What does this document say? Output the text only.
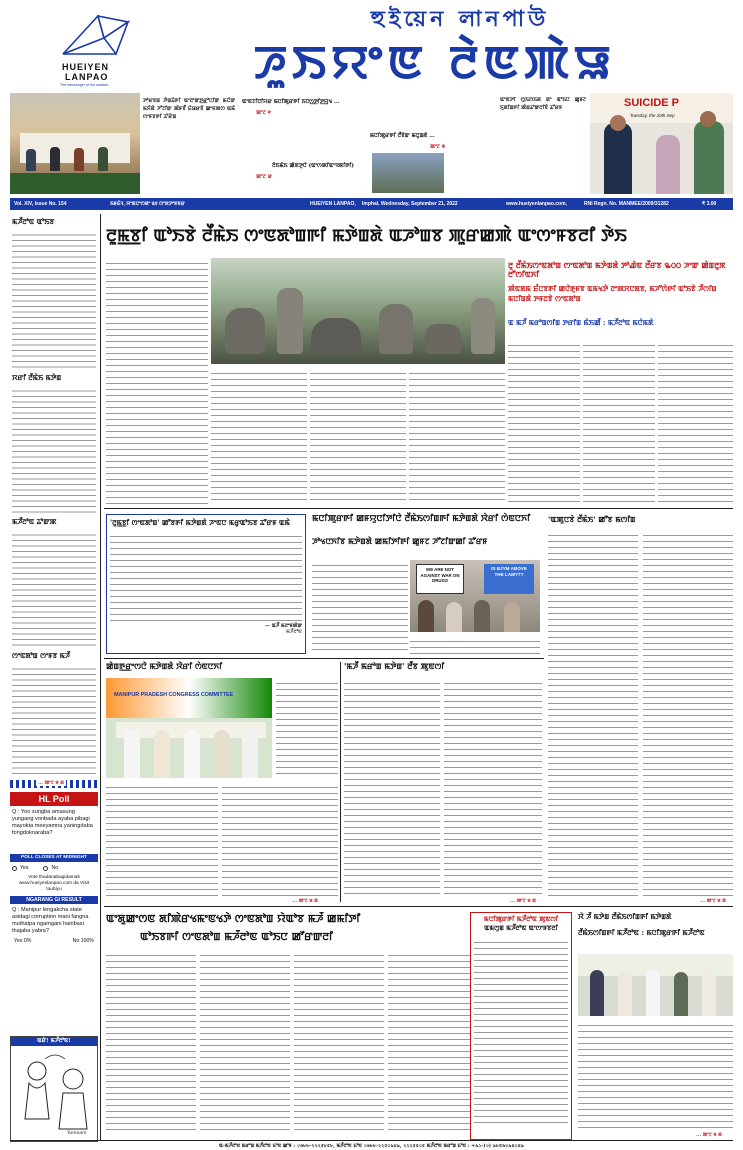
HUEIYEN
LANPAO
The messenger of the masses
হুইয়েন লানপাউ
ꯍꯨꯏꯌꯦꯟ ꯂꯥꯟꯄꯥꯎ
ꯇꯣꯔꯕꯡ ꯇꯥꯡꯊꯥꯒꯤ ꯑꯦꯂꯦꯛꯇ꯭ꯔꯣꯅꯤꯛ ꯃꯅꯥꯛ ꯃꯈꯥꯗꯥ ꯍꯧꯖꯤꯛ ꯄꯥꯝꯕꯩ ꯐꯥꯎꯔꯕꯥ ꯀꯦꯝꯄꯁ ꯑꯃꯥ ꯁꯦꯝꯕꯒꯤ ꯊꯧꯔꯥꯡ
ꯑꯦꯟꯖꯤꯅꯤꯌꯔ ꯃꯅꯤꯄꯨꯔꯒꯤ ꯏꯅꯁ꯭ꯇꯤꯇ꯭ꯌꯨꯠ ...
ꯄꯦꯖ ꯵
ꯃꯅꯤꯄꯨꯔꯒꯤ ꯂꯩꯕꯥꯛ ꯃꯅꯨꯡꯗꯥ ...
ꯄꯦꯖ ꯶
ꯂꯥꯏꯃꯥꯏ ꯀꯥꯞꯇꯨꯅꯥ (ꯑꯦꯁꯄꯤꯑꯦꯜꯄꯤꯒꯤ)
ꯄꯦꯖ ꯷
ꯑꯦꯟꯇꯤ ꯁꯨꯏꯁꯥꯏꯗ ꯗꯦ ꯑꯣꯏꯅꯥ ꯀꯨꯝꯖ ꯈꯨꯗꯤꯡꯒꯤ ꯄꯥꯡꯊꯣꯛꯂꯤꯕꯥ ꯊꯧꯔꯝ	SUICIDE P
Tuesday, the 20th Sep
Vol. XIV, Issue No. 154	ꯏꯝꯐꯥꯜ, ꯋꯦꯗꯅꯦꯁꯗꯦ ꯲꯱ ꯁꯦꯞꯇꯦꯝꯕꯔ	HUEIYEN LANPAO, Imphal, Wednesday, September 21, 2022	www.hueiyenlanpao.com,	RNI Regn. No. MANMEE/2009/31282	₹ 3.00
ꯃꯍꯩꯂꯣꯟ ꯑꯣꯏꯕ
ꯆꯔꯤ ꯂꯩꯃꯥꯏ ꯃꯇꯥꯡ
ꯃꯍꯩꯂꯣꯟ ꯊꯣꯛꯄ
ꯁꯦꯟꯗꯣꯡ ꯁꯦꯝꯕ ꯃꯍꯩ
... ꯄꯦꯖ ꯶ ꯗ
HL Poll
Q : Yoo sungba amasung yungang vonbada ayaba pibagi mayokta meeyamna yaningdaba fongdoknaraba?
POLL CLOSES AT MIDNIGHT
Yes	No
Vote thadanabagidamak www.hueiyenlanpao.com da Visit toubiyu
NGARANG GI RESULT
Q : Manipur lengakcha state asidagi corruption mani fangna muthatpa ngamgani hairibasi thajaba yabra?
Yes 0%	No 100%
ꯑꯔꯥ! ꯃꯍꯩꯂꯣꯟ!
Yumnam
ꯂꯨꯃ꯭ꯕꯤ ꯑꯣꯏꯕꯥ ꯂꯩꯃꯥꯏ ꯁꯦꯟꯗꯣꯡꯒꯤ ꯃꯇꯥꯡꯗꯥ ꯑꯍꯣꯡꯕ ꯄꯨꯔꯀꯄꯥ ꯑꯦꯁꯦꯝꯕꯂꯤ ꯇꯥꯏ
ꯂꯨ ꯂꯩꯃꯥꯏꯁꯦꯟꯗꯣꯡ ꯁꯦꯟꯗꯣꯡ ꯃꯇꯥꯡꯗꯥ ꯇꯣꯉꯥꯟ ꯂꯩꯔꯕ ꯳꯰꯰ ꯍꯦꯛ ꯀꯥꯡꯂꯨꯞ ꯂꯧꯁꯤꯟꯈꯤ
ꯄꯥꯟꯗꯃ ꯐꯪꯅꯕꯒꯤ ꯀꯅꯥꯒꯨꯝꯕ ꯑꯃꯠꯇꯥ ꯂꯦꯄꯆꯅꯗꯕ, ꯃꯍꯧꯁꯥꯒꯤ ꯑꯣꯏꯕꯥ ꯍꯩꯁꯤꯡ ꯃꯅꯤꯡꯗꯥ ꯇꯝꯂꯕꯥ ꯁꯦꯟꯗꯣꯡ
ꯑ ꯃꯍꯩ ꯃꯔꯣꯡꯁꯤꯡ ꯇꯔꯤꯡ ꯃꯥꯏꯀꯩ : ꯃꯍꯩꯂꯣꯟ ꯃꯅꯥꯃꯗꯥ
'ꯂꯨꯃ꯭ꯕꯤ ꯁꯦꯟꯗꯣꯡ' ꯀꯧꯕꯒꯤ ꯃꯇꯥꯡꯗꯥ ꯍꯦꯟꯅ ꯃꯔꯨꯑꯣꯏꯕ ꯊꯧꯔꯝ ꯑꯃꯥ
— ꯑꯍꯩ ꯃꯂꯦꯝꯄꯥꯛ
ꯃꯍꯩꯂꯣꯟ
ꯃꯅꯤꯄꯨꯔꯒꯤ ꯀꯝꯌꯨꯅꯤꯇꯤꯅꯥ ꯂꯩꯃꯥꯏꯁꯤꯡꯒꯤ ꯃꯇꯥꯡꯗꯥ ꯋꯥꯔꯤ ꯁꯥꯟꯅꯈꯤ
ꯍꯣꯠꯅꯈꯤꯕ ꯃꯇꯥꯡꯗꯥ ꯀꯃꯤꯇꯤꯒꯤ ꯀꯨꯝꯖ ꯍꯧꯖꯤꯛꯀꯤ ꯊꯧꯔꯝ
WE ARE NOT AGAINST WAR ON DRUGS
IS BJYM ABOVE THE LAW???
'ꯑꯄꯨꯅꯕꯥ ꯂꯩꯃꯥꯏ' ꯀꯧꯕ ꯃꯁꯤꯡ
... ꯄꯦꯖ ꯶ ꯗ
ꯀꯥꯡꯒ꯭ꯔꯦꯁꯅꯥ ꯃꯇꯥꯡꯗꯥ ꯋꯥꯔꯤ ꯁꯥꯟꯅꯈꯤ
MANIPUR PRADESH CONGRESS COMMITTEE
... ꯄꯦꯖ ꯶ ꯗ
'ꯃꯍꯩ ꯃꯔꯣꯡ ꯃꯇꯥꯡ' ꯂꯩꯕ ꯄꯨꯟꯁꯤ
... ꯄꯦꯖ ꯶ ꯗ
ꯑꯦꯗꯨꯀꯦꯁꯟ ꯗꯤꯄꯥꯔꯠꯃꯦꯟꯠꯇꯥ ꯁꯦꯟꯗꯣꯡ ꯌꯥꯑꯣꯕ ꯃꯍꯩ ꯀꯃꯤꯇꯤ
ꯑꯣꯏꯕꯒꯤ ꯁꯦꯟꯗꯣꯡ ꯃꯍꯩꯂꯣꯟ ꯑꯣꯏꯅ ꯀꯧꯔꯛꯂꯤ
ꯋꯥ ꯍꯩ ꯃꯇꯥꯡ ꯂꯩꯃꯥꯏꯁꯤꯡꯒꯤ ꯃꯇꯥꯡꯗꯥ
ꯂꯩꯃꯥꯏꯁꯤꯡꯒꯤ ꯃꯍꯩꯂꯣꯟ : ꯃꯅꯤꯄꯨꯔꯒꯤ ꯃꯍꯩꯂꯣꯟ
... ꯄꯦꯖ ꯶ ꯗ
ꯃꯅꯤꯄꯨꯔꯒꯤ ꯃꯍꯩꯂꯣꯟ ꯄꯨꯟꯁꯤ
ꯑꯃꯁꯨꯡ ꯃꯍꯩꯂꯣꯟ ꯑꯦꯁꯦꯝꯕꯂꯤ
ꯑ-ꯃꯍꯩꯂꯣꯟ ꯃꯔꯣꯡ ꯃꯍꯩꯂꯣꯟ ꯐꯣꯟ ꯀꯣꯝ : ০৬৮৮-২২২৫৮৫৮, ꯃꯍꯩꯂꯣꯟ ꯐꯣꯟ ০৬৮৮-২২৫০৯৪৯, ২২২৫৫০৫ ꯃꯍꯩꯂꯣꯟ ꯃꯔꯣꯡ ꯐꯣꯟ : +৯১-(০) ৯৮৫৬০৯৪০৪৯
